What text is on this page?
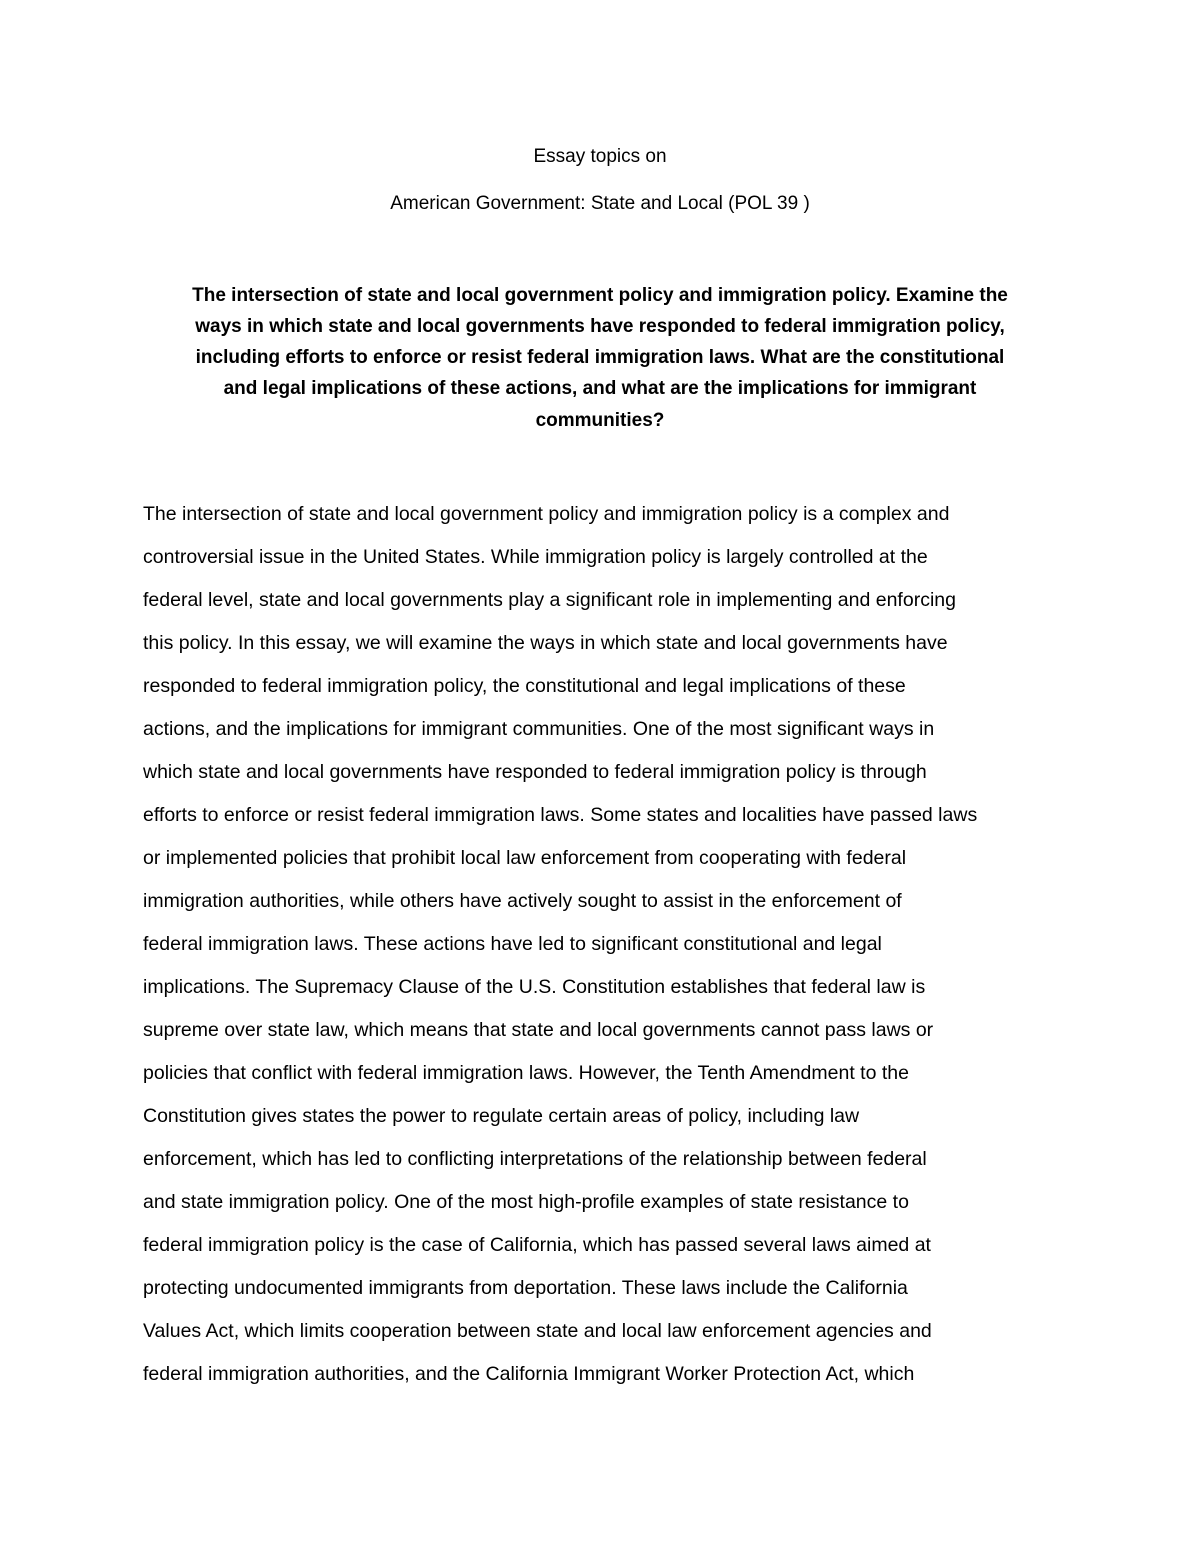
Essay topics on
American Government: State and Local (POL 39 )
The intersection of state and local government policy and immigration policy. Examine the
ways in which state and local governments have responded to federal immigration policy,
including efforts to enforce or resist federal immigration laws. What are the constitutional
and legal implications of these actions, and what are the implications for immigrant
communities?
The intersection of state and local government policy and immigration policy is a complex and
controversial issue in the United States. While immigration policy is largely controlled at the
federal level, state and local governments play a significant role in implementing and enforcing
this policy. In this essay, we will examine the ways in which state and local governments have
responded to federal immigration policy, the constitutional and legal implications of these
actions, and the implications for immigrant communities. One of the most significant ways in
which state and local governments have responded to federal immigration policy is through
efforts to enforce or resist federal immigration laws. Some states and localities have passed laws
or implemented policies that prohibit local law enforcement from cooperating with federal
immigration authorities, while others have actively sought to assist in the enforcement of
federal immigration laws. These actions have led to significant constitutional and legal
implications. The Supremacy Clause of the U.S. Constitution establishes that federal law is
supreme over state law, which means that state and local governments cannot pass laws or
policies that conflict with federal immigration laws. However, the Tenth Amendment to the
Constitution gives states the power to regulate certain areas of policy, including law
enforcement, which has led to conflicting interpretations of the relationship between federal
and state immigration policy. One of the most high-profile examples of state resistance to
federal immigration policy is the case of California, which has passed several laws aimed at
protecting undocumented immigrants from deportation. These laws include the California
Values Act, which limits cooperation between state and local law enforcement agencies and
federal immigration authorities, and the California Immigrant Worker Protection Act, which
